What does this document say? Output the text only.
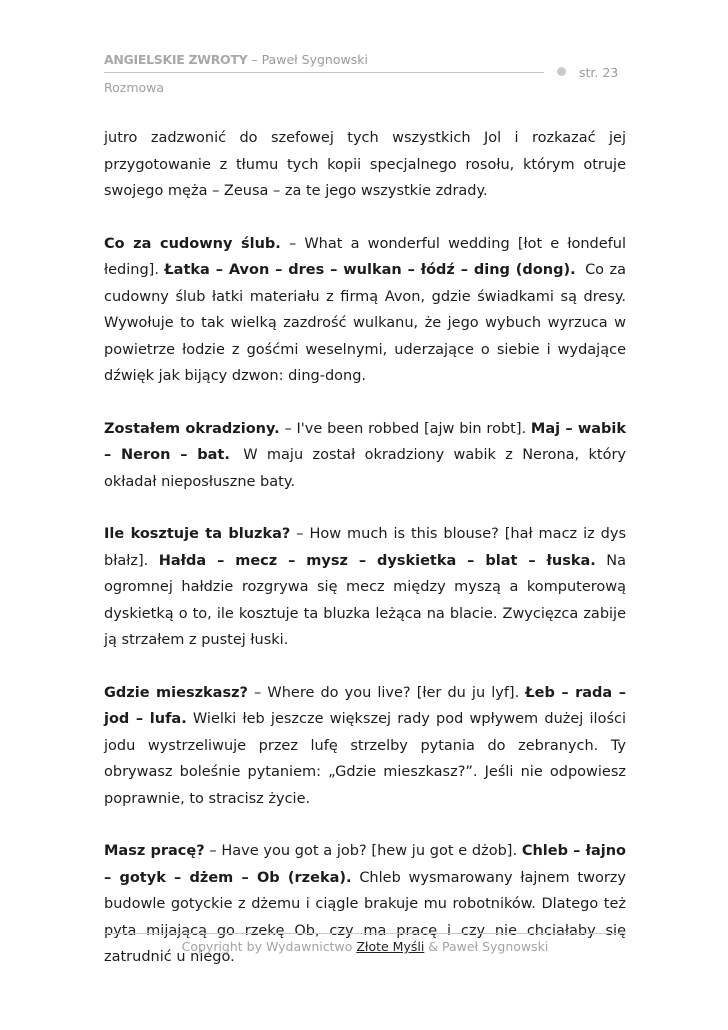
ANGIELSKIE ZWROTY – Paweł Sygnowski
str. 23
Rozmowa

jutro zadzwonić do szefowej tych wszystkich Jol i rozkazać jej przygotowanie z tłumu tych kopii specjalnego rosołu, którym otruje swojego męża – Zeusa – za te jego wszystkie zdrady.

Co za cudowny ślub. – What a wonderful wedding [łot e łondeful łeding]. Łatka – Avon – dres – wulkan – łódź – ding (dong). Co za cudowny ślub łatki materiału z firmą Avon, gdzie świadkami są dresy. Wywołuje to tak wielką zazdrość wulkanu, że jego wybuch wyrzuca w powietrze łodzie z gośćmi weselnymi, uderzające o siebie i wydające dźwięk jak bijący dzwon: ding-dong.

Zostałem okradziony. – I've been robbed [ajw bin robt]. Maj – wabik – Neron – bat. W maju został okradziony wabik z Nerona, który okładał nieposłuszne baty.

Ile kosztuje ta bluzka? – How much is this blouse? [hał macz iz dys błałz]. Hałda – mecz – mysz – dyskietka – blat – łuska. Na ogromnej hałdzie rozgrywa się mecz między myszą a komputerową dyskietką o to, ile kosztuje ta bluzka leżąca na blacie. Zwycięzca zabije ją strzałem z pustej łuski.

Gdzie mieszkasz? – Where do you live? [łer du ju lyf]. Łeb – rada – jod – lufa. Wielki łeb jeszcze większej rady pod wpływem dużej ilości jodu wystrzeliwuje przez lufę strzelby pytania do zebranych. Ty obrywasz boleśnie pytaniem: „Gdzie mieszkasz?”. Jeśli nie odpowiesz poprawnie, to stracisz życie.

Masz pracę? – Have you got a job? [hew ju got e dżob]. Chleb – łajno – gotyk – dżem – Ob (rzeka). Chleb wysmarowany łajnem tworzy budowle gotyckie z dżemu i ciągle brakuje mu robotników. Dlatego też pyta mijającą go rzekę Ob, czy ma pracę i czy nie chciałaby się zatrudnić u niego.

Copyright by Wydawnictwo Złote Myśli & Paweł Sygnowski
